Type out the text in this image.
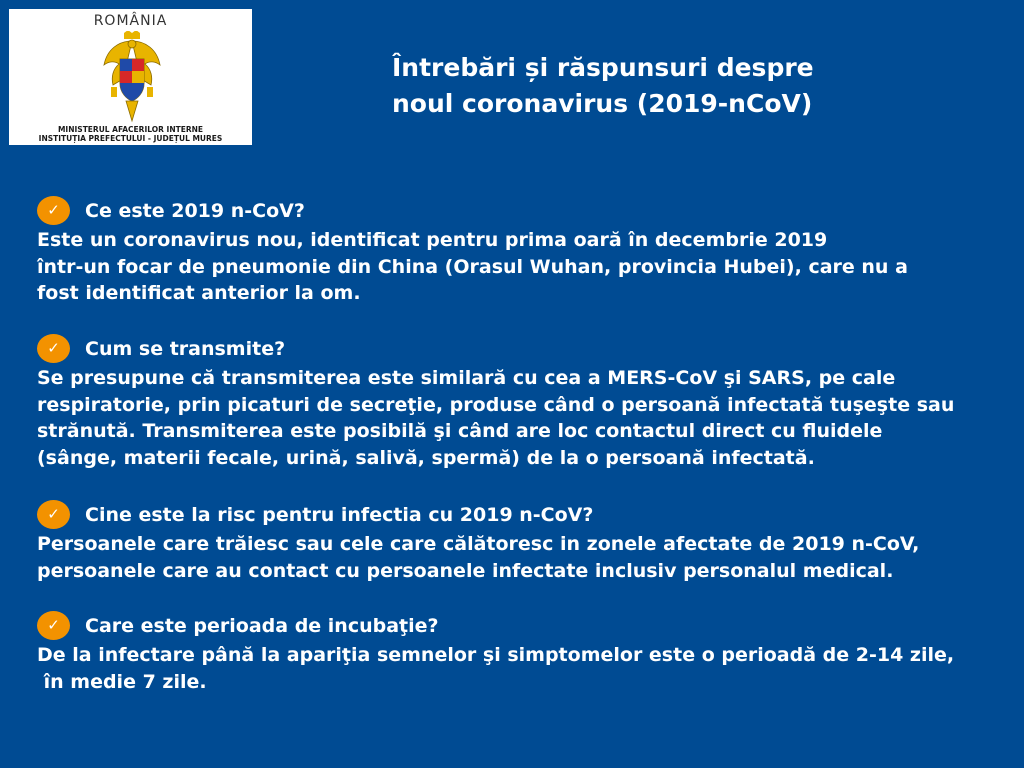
ROMÂNIA
MINISTERUL AFACERILOR INTERNE
INSTITUȚIA PREFECTULUI - JUDEȚUL MURES
Întrebări și răspunsuri despre
noul coronavirus (2019-nCoV)
✓	Ce este 2019 n-CoV?
Este un coronavirus nou, identificat pentru prima oară în decembrie 2019
într-un focar de pneumonie din China (Orasul Wuhan, provincia Hubei), care nu a
fost identificat anterior la om.
✓	Cum se transmite?
Se presupune că transmiterea este similară cu cea a MERS-CoV şi SARS, pe cale
respiratorie, prin picaturi de secreţie, produse când o persoană infectată tuşeşte sau
strănută. Transmiterea este posibilă şi când are loc contactul direct cu fluidele
(sânge, materii fecale, urină, salivă, spermă) de la o persoană infectată.
✓	Cine este la risc pentru infectia cu 2019 n-CoV?
Persoanele care trăiesc sau cele care călătoresc in zonele afectate de 2019 n-CoV,
persoanele care au contact cu persoanele infectate inclusiv personalul medical.
✓	Care este perioada de incubaţie?
De la infectare până la apariţia semnelor şi simptomelor este o perioadă de 2-14 zile,
în medie 7 zile.
